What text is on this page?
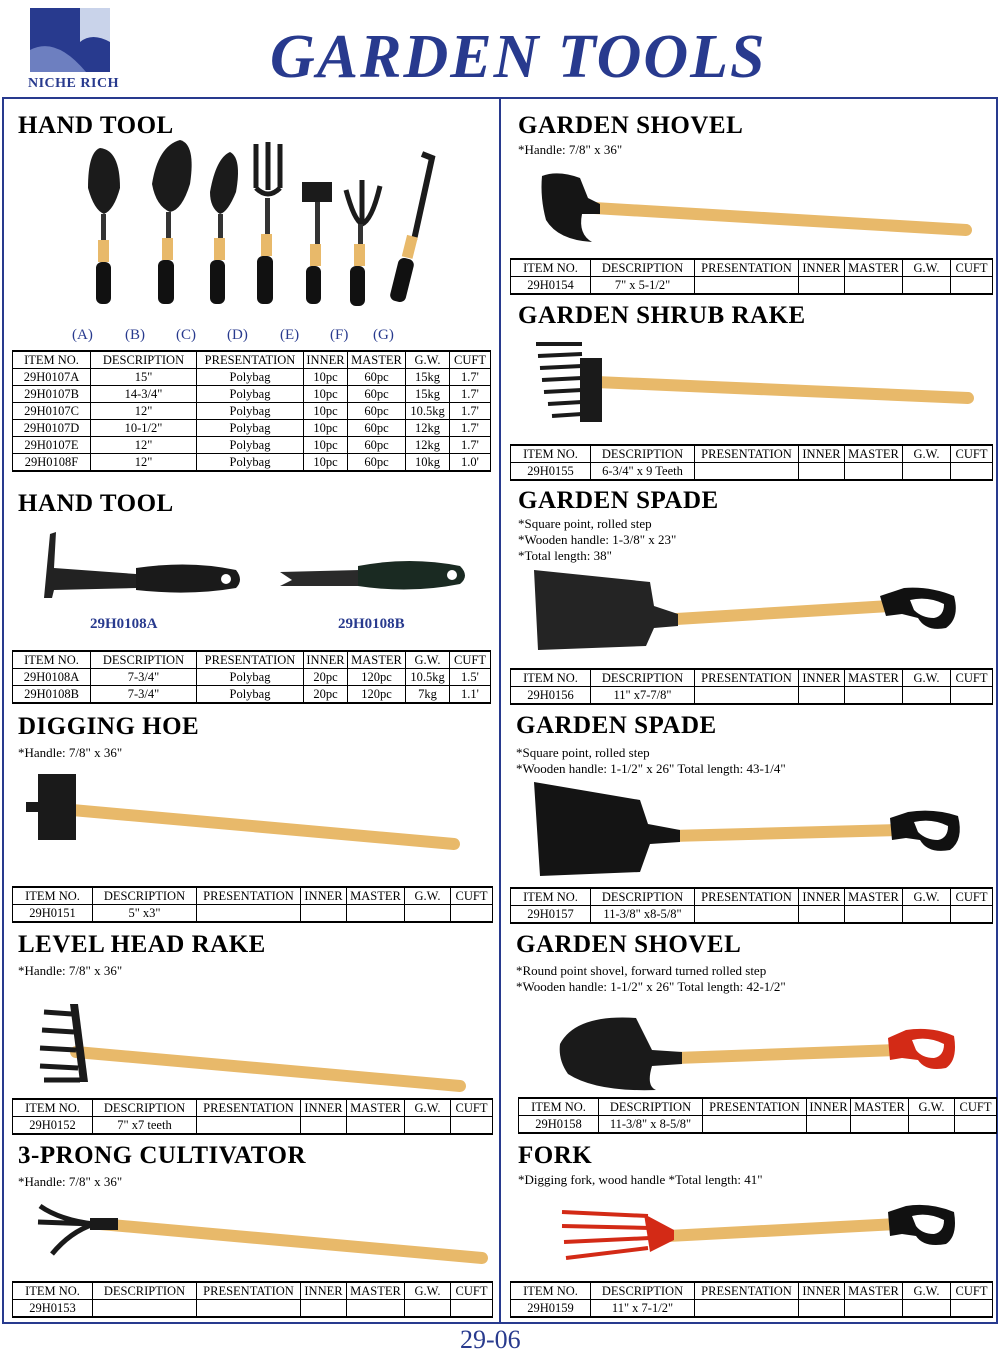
NICHE RICH GARDEN TOOLS
HAND TOOL
(A) (B) (C) (D) (E) (F) (G)
ITEM NO.	DESCRIPTION	PRESENTATION	INNER	MASTER	G.W.	CUFT
29H0107A	15"	Polybag	10pc	60pc	15kg	1.7'
29H0107B	14-3/4"	Polybag	10pc	60pc	15kg	1.7'
29H0107C	12"	Polybag	10pc	60pc	10.5kg	1.7'
29H0107D	10-1/2"	Polybag	10pc	60pc	12kg	1.7'
29H0107E	12"	Polybag	10pc	60pc	12kg	1.7'
29H0108F	12"	Polybag	10pc	60pc	10kg	1.0'
HAND TOOL
29H0108A	29H0108B
ITEM NO.	DESCRIPTION	PRESENTATION	INNER	MASTER	G.W.	CUFT
29H0108A	7-3/4"	Polybag	20pc	120pc	10.5kg	1.5'
29H0108B	7-3/4"	Polybag	20pc	120pc	7kg	1.1'
DIGGING HOE
*Handle: 7/8" x 36"
ITEM NO.	DESCRIPTION	PRESENTATION	INNER	MASTER	G.W.	CUFT
29H0151	5" x3"					
LEVEL HEAD RAKE
*Handle: 7/8" x 36"
ITEM NO.	DESCRIPTION	PRESENTATION	INNER	MASTER	G.W.	CUFT
29H0152	7" x7 teeth					
3-PRONG CULTIVATOR
*Handle: 7/8" x 36"
ITEM NO.	DESCRIPTION	PRESENTATION	INNER	MASTER	G.W.	CUFT
29H0153						
GARDEN SHOVEL
*Handle: 7/8" x 36"
ITEM NO.	DESCRIPTION	PRESENTATION	INNER	MASTER	G.W.	CUFT
29H0154	7" x 5-1/2"					
GARDEN SHRUB RAKE
ITEM NO.	DESCRIPTION	PRESENTATION	INNER	MASTER	G.W.	CUFT
29H0155	6-3/4" x 9 Teeth					
GARDEN SPADE
*Square point, rolled step
*Wooden handle: 1-3/8" x 23"
*Total length: 38"
ITEM NO.	DESCRIPTION	PRESENTATION	INNER	MASTER	G.W.	CUFT
29H0156	11" x7-7/8"					
GARDEN SPADE
*Square point, rolled step
*Wooden handle: 1-1/2" x 26" Total length: 43-1/4"
ITEM NO.	DESCRIPTION	PRESENTATION	INNER	MASTER	G.W.	CUFT
29H0157	11-3/8" x8-5/8"					
GARDEN SHOVEL
*Round point shovel, forward turned rolled step
*Wooden handle: 1-1/2" x 26" Total length: 42-1/2"
ITEM NO.	DESCRIPTION	PRESENTATION	INNER	MASTER	G.W.	CUFT
29H0158	11-3/8" x 8-5/8"					
FORK
*Digging fork, wood handle *Total length: 41"
ITEM NO.	DESCRIPTION	PRESENTATION	INNER	MASTER	G.W.	CUFT
29H0159	11" x 7-1/2"					
29-06
